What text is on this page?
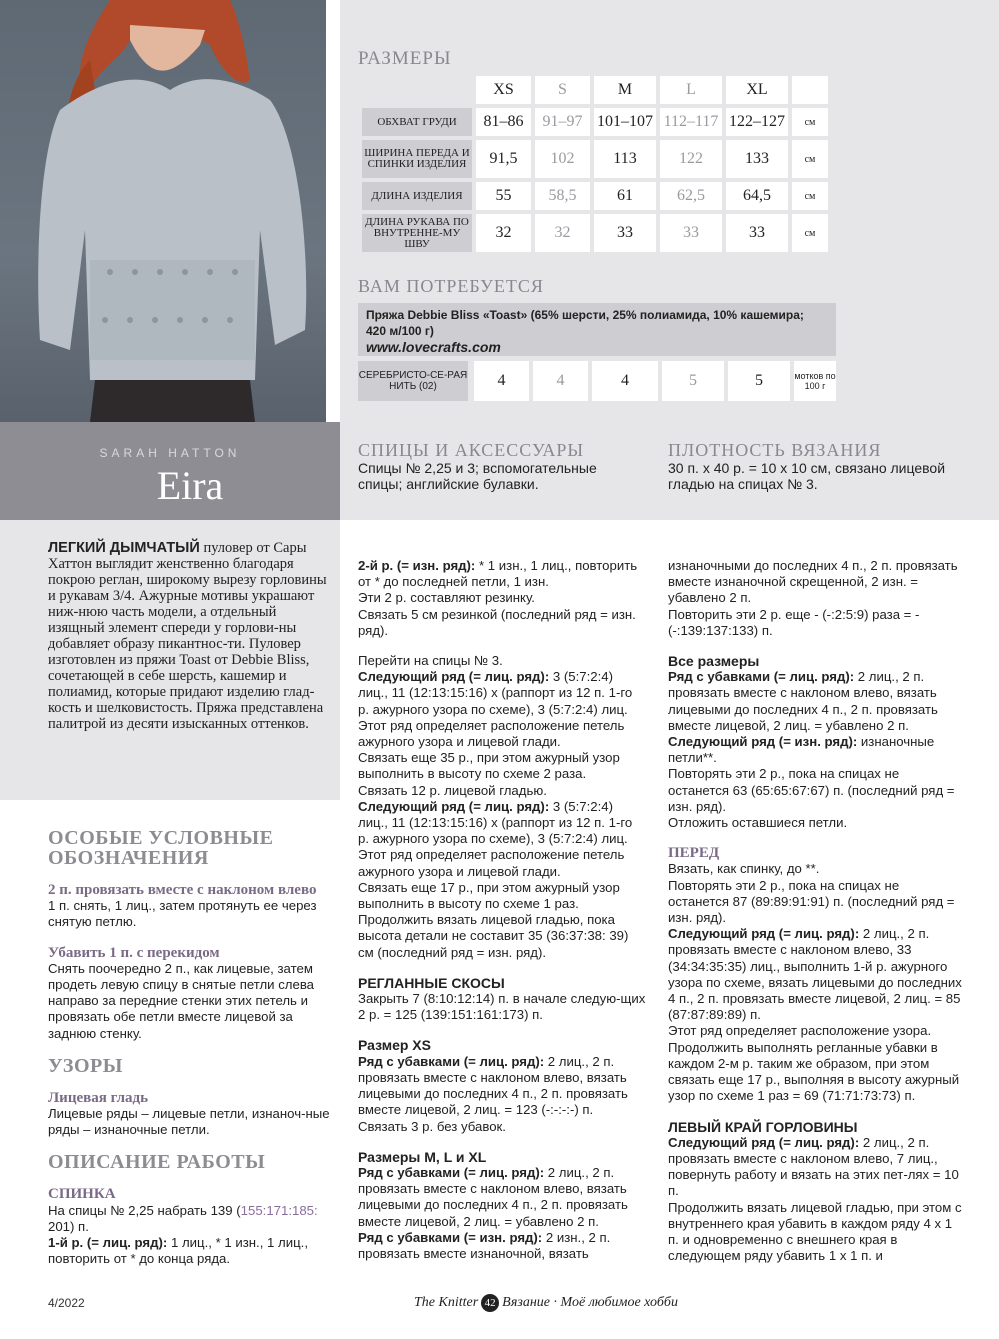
SARAH HATTON
Eira
РАЗМЕРЫ
	XS	S	M	L	XL	
ОБХВАТ ГРУДИ	81–86	91–97	101–107	112–117	122–127	см
ШИРИНА ПЕРЕДА И СПИНКИ ИЗДЕЛИЯ	91,5	102	113	122	133	см
ДЛИНА ИЗДЕЛИЯ	55	58,5	61	62,5	64,5	см
ДЛИНА РУКАВА ПО ВНУТРЕННЕ-МУ ШВУ	32	32	33	33	33	см
ВАМ ПОТРЕБУЕТСЯ
Пряжа Debbie Bliss «Toast» (65% шерсти, 25% полиамида, 10% кашемира;
420 м/100 г)
www.lovecrafts.com
СЕРЕБРИСТО-СЕ-РАЯ НИТЬ (02)	4	4	4	5	5	мотков по 100 г
СПИЦЫ И АКСЕССУАРЫ
Спицы № 2,25 и 3; вспомогательные спицы; английские булавки.
ПЛОТНОСТЬ ВЯЗАНИЯ
30 п. х 40 р. = 10 х 10 см, связано лицевой гладью на спицах № 3.
ЛЕГКИЙ ДЫМЧАТЫЙ пуловер от Сары Хаттон выглядит женственно благодаря покрою реглан, широкому вырезу горловины и рукавам 3/4. Ажурные мотивы украшают ниж-нюю часть модели, а отдельный изящный элемент спереди у горлови-ны добавляет образу пикантнос-ти. Пуловер изготовлен из пряжи Toast от Debbie Bliss, сочетающей в себе шерсть, кашемир и полиамид, которые придают изделию глад-кость и шелковистость. Пряжа представлена палитрой из десяти изысканных оттенков.
ОСОБЫЕ УСЛОВНЫЕ ОБОЗНАЧЕНИЯ

2 п. провязать вместе с наклоном влево

1 п. снять, 1 лиц., затем протянуть ее через снятую петлю.

Убавить 1 п. с перекидом

Снять поочередно 2 п., как лицевые, затем продеть левую спицу в снятые петли слева направо за передние стенки этих петель и провязать обе петли вместе лицевой за заднюю стенку.

УЗОРЫ

Лицевая гладь

Лицевые ряды – лицевые петли, изнаноч-ные ряды – изнаночные петли.

ОПИСАНИЕ РАБОТЫ

СПИНКА

На спицы № 2,25 набрать 139 (155:171:185:
201) п.

1-й р. (= лиц. ряд): 1 лиц., * 1 изн., 1 лиц., повторить от * до конца ряда.

2-й р. (= изн. ряд): * 1 изн., 1 лиц., повторить от * до последней петли, 1 изн.

Эти 2 р. составляют резинку.

Связать 5 см резинкой (последний ряд = изн. ряд).

Перейти на спицы № 3.

Следующий ряд (= лиц. ряд): 3 (5:7:2:4) лиц., 11 (12:13:15:16) х (раппорт из 12 п. 1-го р. ажурного узора по схеме), 3 (5:7:2:4) лиц.

Этот ряд определяет расположение петель ажурного узора и лицевой глади.

Связать еще 35 р., при этом ажурный узор выполнить в высоту по схеме 2 раза.

Связать 12 р. лицевой гладью.

Следующий ряд (= лиц. ряд): 3 (5:7:2:4) лиц., 11 (12:13:15:16) х (раппорт из 12 п. 1-го р. ажурного узора по схеме), 3 (5:7:2:4) лиц.

Этот ряд определяет расположение петель ажурного узора и лицевой глади.

Связать еще 17 р., при этом ажурный узор выполнить в высоту по схеме 1 раз.

Продолжить вязать лицевой гладью, пока высота детали не составит 35 (36:37:38: 39) см (последний ряд = изн. ряд).

РЕГЛАННЫЕ СКОСЫ

Закрыть 7 (8:10:12:14) п. в начале следую-щих 2 р. = 125 (139:151:161:173) п.

Размер XS

Ряд с убавками (= лиц. ряд): 2 лиц., 2 п. провязать вместе с наклоном влево, вязать лицевыми до последних 4 п., 2 п. провязать вместе лицевой, 2 лиц. = 123 (-:-:-:-) п.

Связать 3 р. без убавок.

Размеры M, L и XL

Ряд с убавками (= лиц. ряд): 2 лиц., 2 п. провязать вместе с наклоном влево, вязать лицевыми до последних 4 п., 2 п. провязать вместе лицевой, 2 лиц. = убавлено 2 п.

Ряд с убавками (= изн. ряд): 2 изн., 2 п. провязать вместе изнаночной, вязать

изнаночными до последних 4 п., 2 п. провязать вместе изнаночной скрещенной, 2 изн. = убавлено 2 п.

Повторить эти 2 р. еще - (-:2:5:9) раза = - (-:139:137:133) п.

Все размеры

Ряд с убавками (= лиц. ряд): 2 лиц., 2 п. провязать вместе с наклоном влево, вязать лицевыми до последних 4 п., 2 п. провязать вместе лицевой, 2 лиц. = убавлено 2 п.

Следующий ряд (= изн. ряд): изнаночные петли**.

Повторять эти 2 р., пока на спицах не останется 63 (65:65:67:67) п. (последний ряд = изн. ряд).

Отложить оставшиеся петли.

ПЕРЕД

Вязать, как спинку, до **.

Повторять эти 2 р., пока на спицах не останется 87 (89:89:91:91) п. (последний ряд = изн. ряд).

Следующий ряд (= лиц. ряд): 2 лиц., 2 п. провязать вместе с наклоном влево, 33 (34:34:35:35) лиц., выполнить 1-й р. ажурного узора по схеме, вязать лицевыми до последних 4 п., 2 п. провязать вместе лицевой, 2 лиц. = 85 (87:87:89:89) п.

Этот ряд определяет расположение узора.

Продолжить выполнять регланные убавки в каждом 2-м р. таким же образом, при этом связать еще 17 р., выполняя в высоту ажурный узор по схеме 1 раз = 69 (71:71:73:73) п.

ЛЕВЫЙ КРАЙ ГОРЛОВИНЫ

Следующий ряд (= лиц. ряд): 2 лиц., 2 п. провязать вместе с наклоном влево, 7 лиц., повернуть работу и вязать на этих пет-лях = 10 п.

Продолжить вязать лицевой гладью, при этом с внутреннего края убавить в каждом ряду 4 х 1 п. и одновременно с внешнего края в следующем ряду убавить 1 х 1 п. и

4/2022	The Knitter 42 Вязание · Моё любимое хобби
